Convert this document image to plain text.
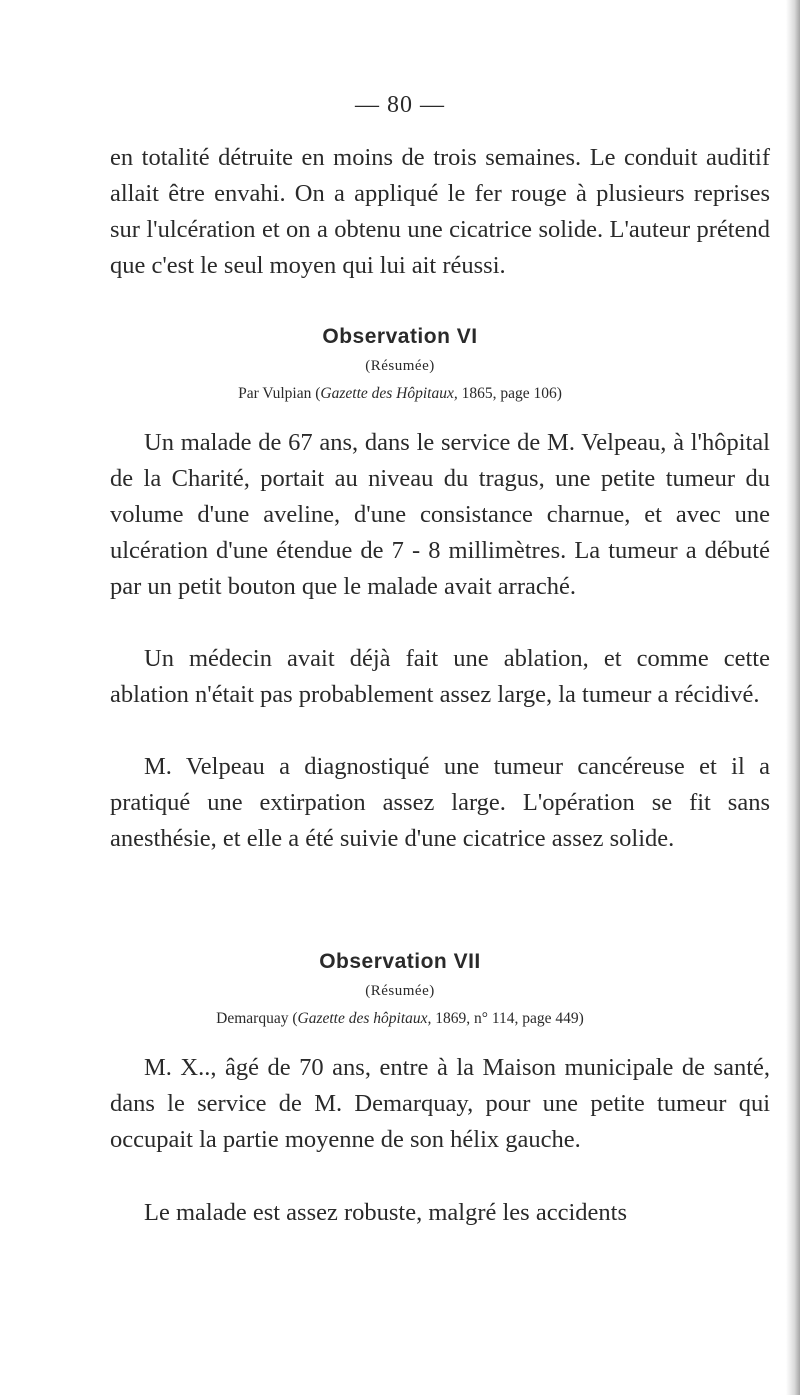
— 80 —

en totalité détruite en moins de trois semaines. Le conduit auditif allait être envahi. On a appliqué le fer rouge à plusieurs reprises sur l'ulcération et on a obtenu une cicatrice solide. L'auteur prétend que c'est le seul moyen qui lui ait réussi.

Observation VI
(Résumée)
Par Vulpian (Gazette des Hôpitaux, 1865, page 106)

Un malade de 67 ans, dans le service de M. Velpeau, à l'hôpital de la Charité, portait au niveau du tragus, une petite tumeur du volume d'une aveline, d'une consistance charnue, et avec une ulcération d'une étendue de 7 - 8 millimètres. La tumeur a débuté par un petit bouton que le malade avait arraché.

Un médecin avait déjà fait une ablation, et comme cette ablation n'était pas probablement assez large, la tumeur a récidivé.

M. Velpeau a diagnostiqué une tumeur cancéreuse et il a pratiqué une extirpation assez large. L'opération se fit sans anesthésie, et elle a été suivie d'une cicatrice assez solide.

Observation VII
(Résumée)
Demarquay (Gazette des hôpitaux, 1869, n° 114, page 449)

M. X.., âgé de 70 ans, entre à la Maison municipale de santé, dans le service de M. Demarquay, pour une petite tumeur qui occupait la partie moyenne de son hélix gauche.

Le malade est assez robuste, malgré les accidents
